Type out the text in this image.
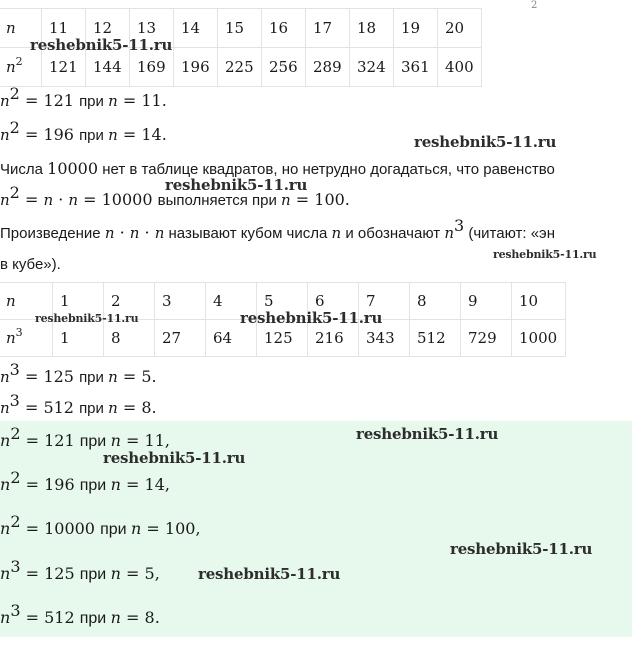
2
n	11	12	13	14	15	16	17	18	19	20
$n^2$	121	144	169	196	225	256	289	324	361	400
$n^2 = 121$ при n = 11.
$n^2 = 196$ при n = 14.
Числа 10000 нет в таблице квадратов, но нетрудно догадаться, что равенство
$n^2 = n \cdot n = 10000$ выполняется при n = 100.
Произведение n · n · n называют кубом числа n и обозначают $n^3$ (читают: «эн
в кубе»).
n	1	2	3	4	5	6	7	8	9	10
$n^3$	1	8	27	64	125	216	343	512	729	1000
$n^3 = 125$ при n = 5.
$n^3 = 512$ при n = 8.
$n^2 = 121$ при n = 11,
$n^2 = 196$ при n = 14,
$n^2 = 10000$ при n = 100,
$n^3 = 125$ при n = 5,
$n^3 = 512$ при n = 8.
reshebnik5-11.ru
reshebnik5-11.ru
reshebnik5-11.ru
reshebnik5-11.ru
reshebnik5-11.ru	reshebnik5-11.ru
reshebnik5-11.ru
reshebnik5-11.ru
reshebnik5-11.ru
reshebnik5-11.ru
